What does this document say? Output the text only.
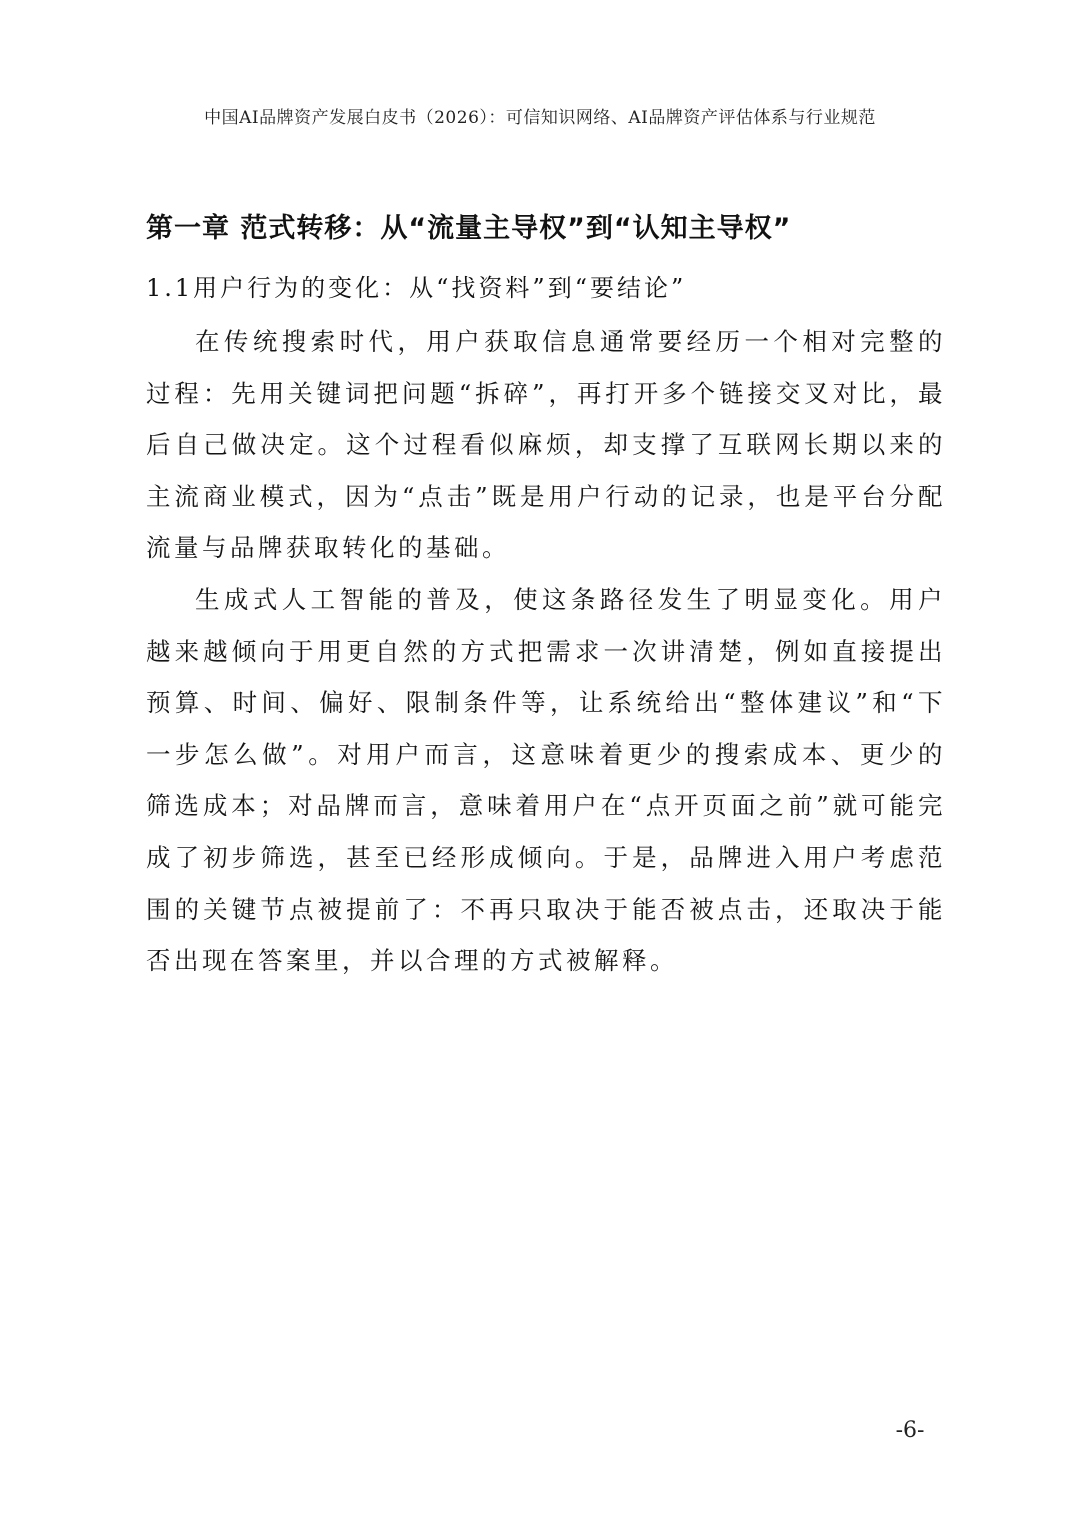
中国AI品牌资产发展白皮书（2026）：可信知识网络、AI品牌资产评估体系与行业规范
第一章 范式转移：从“流量主导权”到“认知主导权”
1.1用户行为的变化：从“找资料”到“要结论”

在传统搜索时代，用户获取信息通常要经历一个相对完整的过程：先用关键词把问题“拆碎”，再打开多个链接交叉对比，最后自己做决定。这个过程看似麻烦，却支撑了互联网长期以来的主流商业模式，因为“点击”既是用户行动的记录，也是平台分配流量与品牌获取转化的基础。

生成式人工智能的普及，使这条路径发生了明显变化。用户越来越倾向于用更自然的方式把需求一次讲清楚，例如直接提出预算、时间、偏好、限制条件等，让系统给出“整体建议”和“下一步怎么做”。对用户而言，这意味着更少的搜索成本、更少的筛选成本；对品牌而言，意味着用户在“点开页面之前”就可能完成了初步筛选，甚至已经形成倾向。于是，品牌进入用户考虑范围的关键节点被提前了：不再只取决于能否被点击，还取决于能否出现在答案里，并以合理的方式被解释。

-6-
